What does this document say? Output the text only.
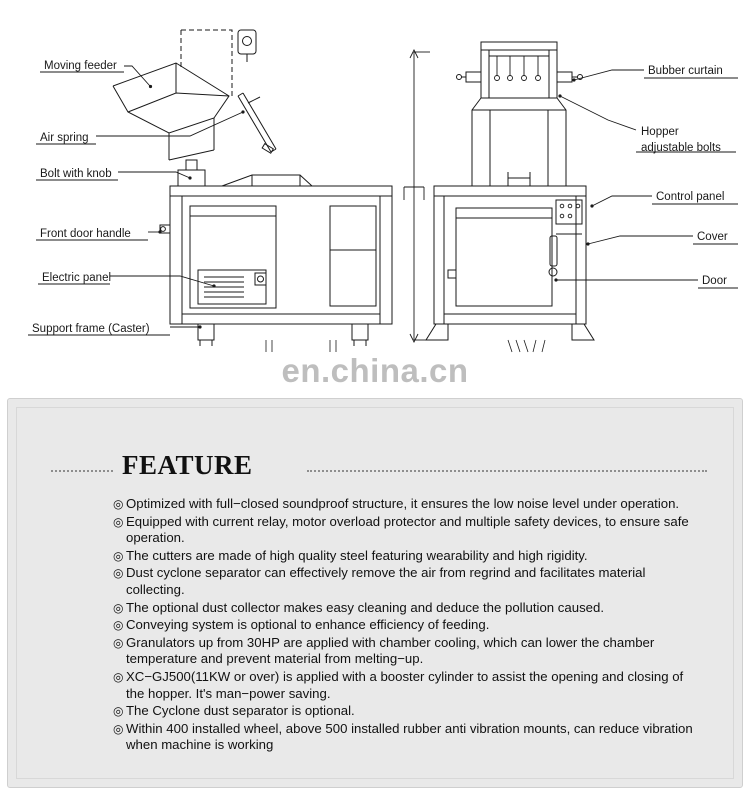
Moving feeder
Air spring
Bolt with knob
Front door handle
Electric panel
Support frame (Caster)
Bubber curtain
Hopper
adjustable bolts
Control panel
Cover
Door
en.china.cn
FEATURE
◎ Optimized with full−closed soundproof structure, it ensures the low noise level under operation.
◎ Equipped with current relay, motor overload protector and multiple safety devices, to ensure safe operation.
◎ The cutters are made of high quality steel featuring wearability and high rigidity.
◎ Dust cyclone separator can effectively remove the air from regrind and facilitates material collecting.
◎ The optional dust collector makes easy cleaning and deduce the pollution caused.
◎ Conveying system is optional to enhance efficiency of feeding.
◎ Granulators up from 30HP are applied with chamber cooling, which can lower the chamber temperature and prevent material from melting−up.
◎ XC−GJ500(11KW or over) is applied with a booster cylinder to assist the opening and closing of the hopper. It's man−power saving.
◎ The Cyclone dust separator is optional.
◎ Within 400 installed wheel, above 500 installed rubber anti vibration mounts, can reduce vibration when machine is working
